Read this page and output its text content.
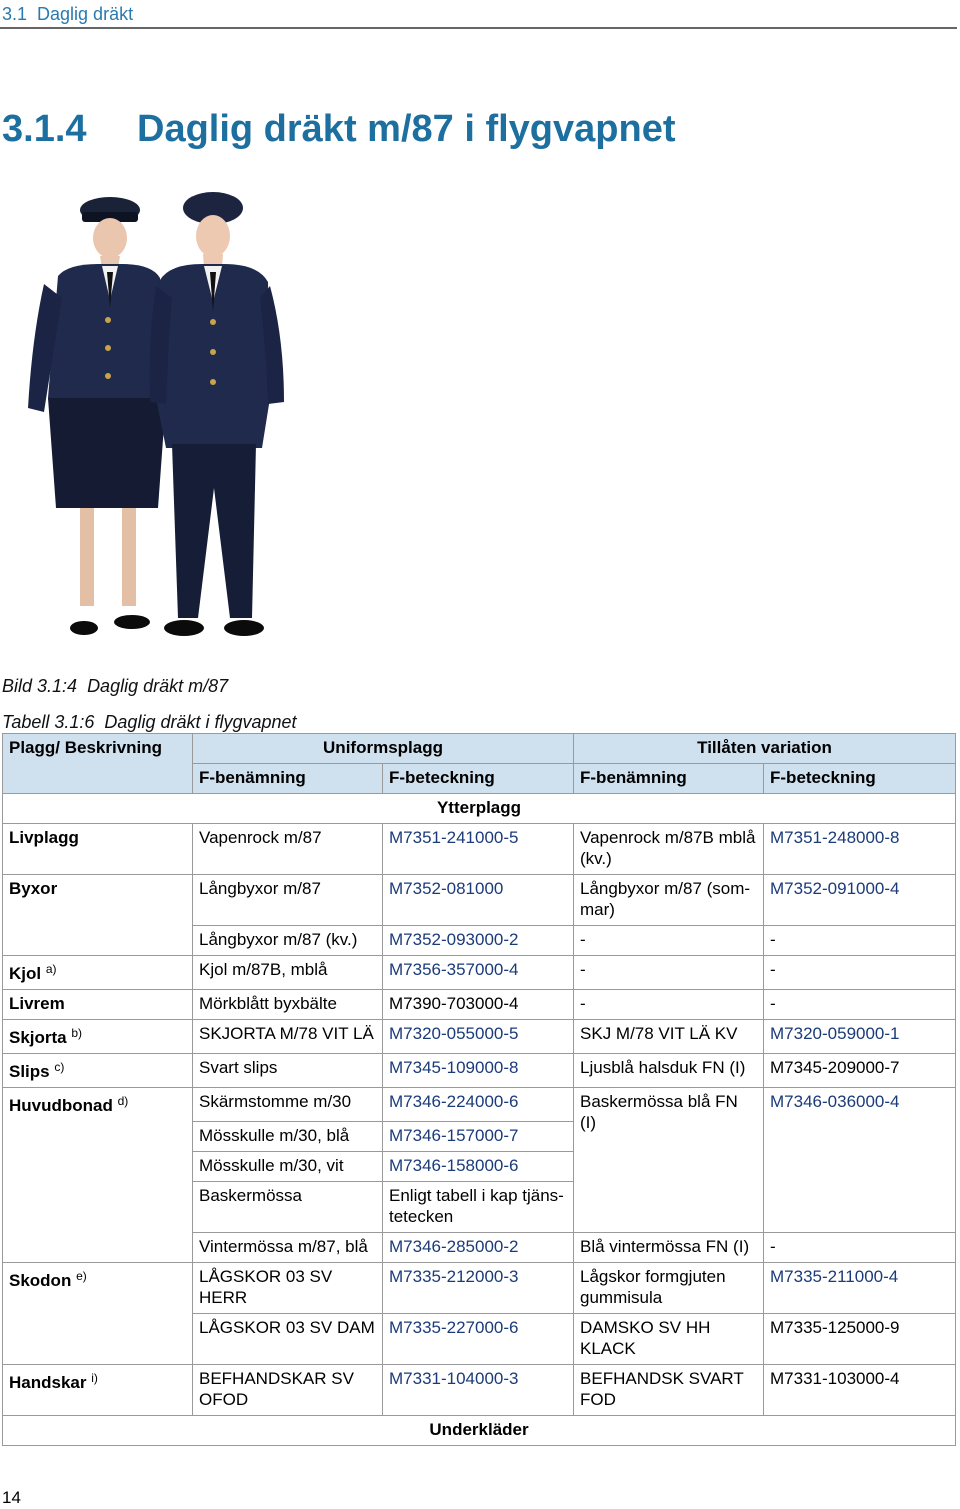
3.1 Daglig dräkt
3.1.4 Daglig dräkt m/87 i flygvapnet
Bild 3.1:4 Daglig dräkt m/87
Tabell 3.1:6 Daglig dräkt i flygvapnet
Plagg/ Beskrivning	Uniformsplagg		Tillåten variation	
	F-benämning	F-beteckning	F-benämning	F-beteckning
Ytterplagg				
Livplagg	Vapenrock m/87	M7351-241000-5	Vapenrock m/87B mblå (kv.)	M7351-248000-8
Byxor	Långbyxor m/87	M7352-081000	Långbyxor m/87 (som-mar)	M7352-091000-4
	Långbyxor m/87 (kv.)	M7352-093000-2	-	-
Kjol $^{a)}$	Kjol m/87B, mblå	M7356-357000-4	-	-
Livrem	Mörkblått byxbälte	M7390-703000-4	-	-
Skjorta $^{b)}$	SKJORTA M/78 VIT LÄ	M7320-055000-5	SKJ M/78 VIT LÄ KV	M7320-059000-1
Slips $^{c)}$	Svart slips	M7345-109000-8	Ljusblå halsduk FN (I)	M7345-209000-7
Huvudbonad $^{d)}$	Skärmstomme m/30	M7346-224000-6	Baskermössa blå FN (I)	M7346-036000-4
	Mösskulle m/30, blå	M7346-157000-7		
	Mösskulle m/30, vit	M7346-158000-6		
	Baskermössa	Enligt tabell i kap tjäns-tetecken		
	Vintermössa m/87, blå	M7346-285000-2	Blå vintermössa FN (I)	-
Skodon $^{e)}$	LÅGSKOR 03 SV HERR	M7335-212000-3	Lågskor formgjuten gummisula	M7335-211000-4
	LÅGSKOR 03 SV DAM	M7335-227000-6	DAMSKO SV HH KLACK	M7335-125000-9
Handskar $^{i)}$	BEFHANDSKAR SV OFOD	M7331-104000-3	BEFHANDSK SVART FOD	M7331-103000-4
Underkläder				
14
